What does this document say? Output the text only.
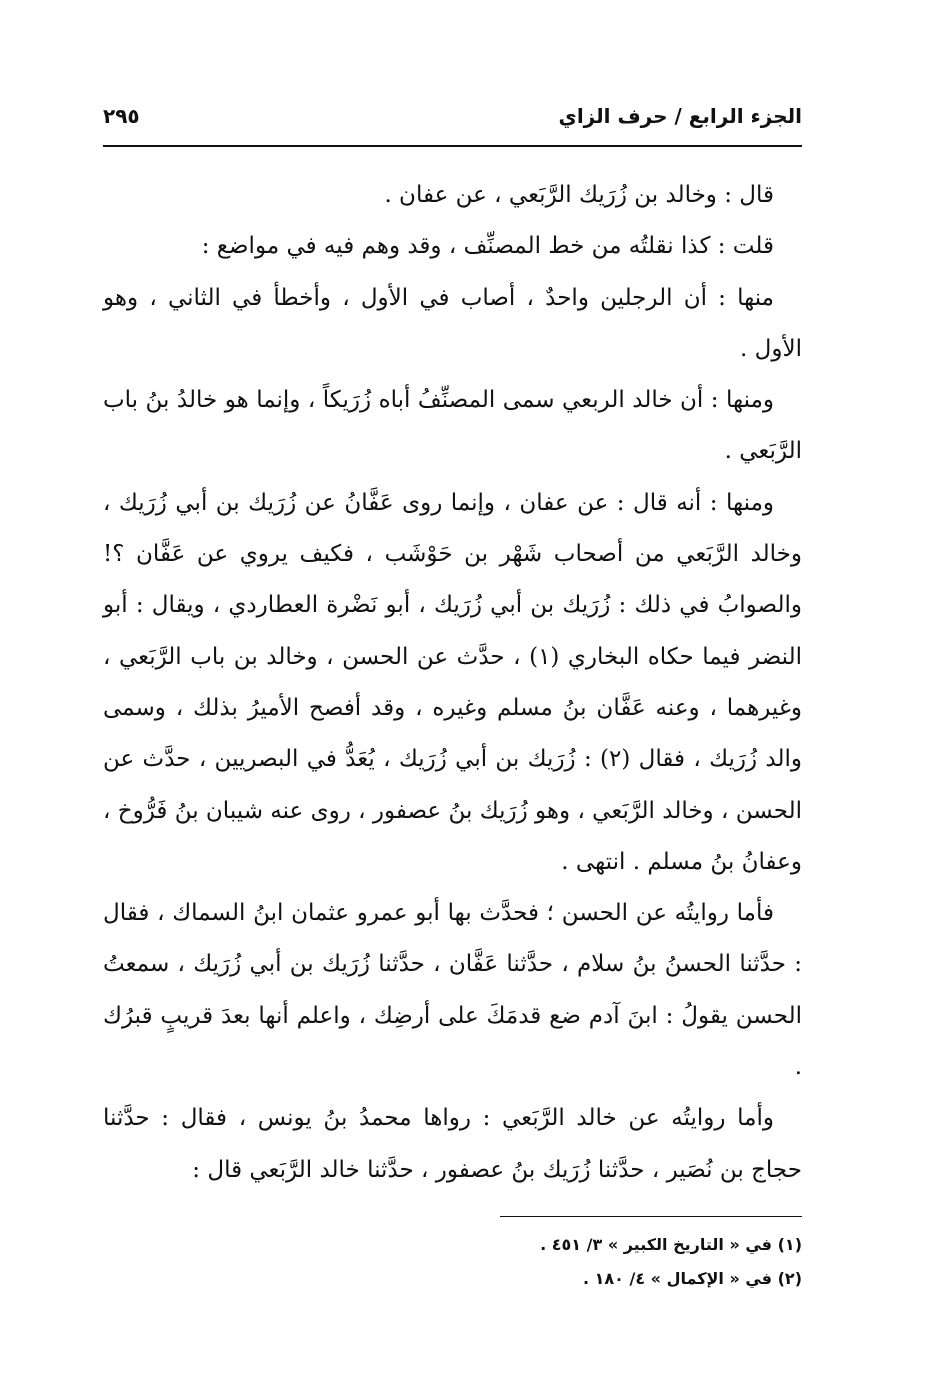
الجزء الرابع / حرف الزاي
٢٩٥

قال : وخالد بن زُرَيك الرَّبَعي ، عن عفان .

قلت : كذا نقلتُه من خط المصنِّف ، وقد وهم فيه في مواضع :

منها : أن الرجلين واحدٌ ، أصاب في الأول ، وأخطأ في الثاني ، وهو الأول .

ومنها : أن خالد الربعي سمى المصنِّفُ أباه زُرَيكاً ، وإنما هو خالدُ بنُ باب الرَّبَعي .

ومنها : أنه قال : عن عفان ، وإنما روى عَفَّانُ عن زُرَيك بن أبي زُرَيك ، وخالد الرَّبَعي من أصحاب شَهْر بن حَوْشَب ، فكيف يروي عن عَفَّان ؟! والصوابُ في ذلك : زُرَيك بن أبي زُرَيك ، أبو نَضْرة العطاردي ، ويقال : أبو النضر فيما حكاه البخاري (١) ، حدَّث عن الحسن ، وخالد بن باب الرَّبَعي ، وغيرهما ، وعنه عَفَّان بنُ مسلم وغيره ، وقد أفصح الأميرُ بذلك ، وسمى والد زُرَيك ، فقال (٢) : زُرَيك بن أبي زُرَيك ، يُعَدُّ في البصريين ، حدَّث عن الحسن ، وخالد الرَّبَعي ، وهو زُرَيك بنُ عصفور ، روى عنه شيبان بنُ فَرُّوخ ، وعفانُ بنُ مسلم . انتهى .

فأما روايتُه عن الحسن ؛ فحدَّث بها أبو عمرو عثمان ابنُ السماك ، فقال : حدَّثنا الحسنُ بنُ سلام ، حدَّثنا عَفَّان ، حدَّثنا زُرَيك بن أبي زُرَيك ، سمعتُ الحسن يقولُ : ابنَ آدم ضع قدمَكَ على أرضِك ، واعلم أنها بعدَ قريبٍ قبرُك .

وأما روايتُه عن خالد الرَّبَعي : رواها محمدُ بنُ يونس ، فقال : حدَّثنا حجاج بن نُصَير ، حدَّثنا زُرَيك بنُ عصفور ، حدَّثنا خالد الرَّبَعي قال :

(١) في « التاريخ الكبير » ٣/ ٤٥١ .
(٢) في « الإكمال » ٤/ ١٨٠ .
